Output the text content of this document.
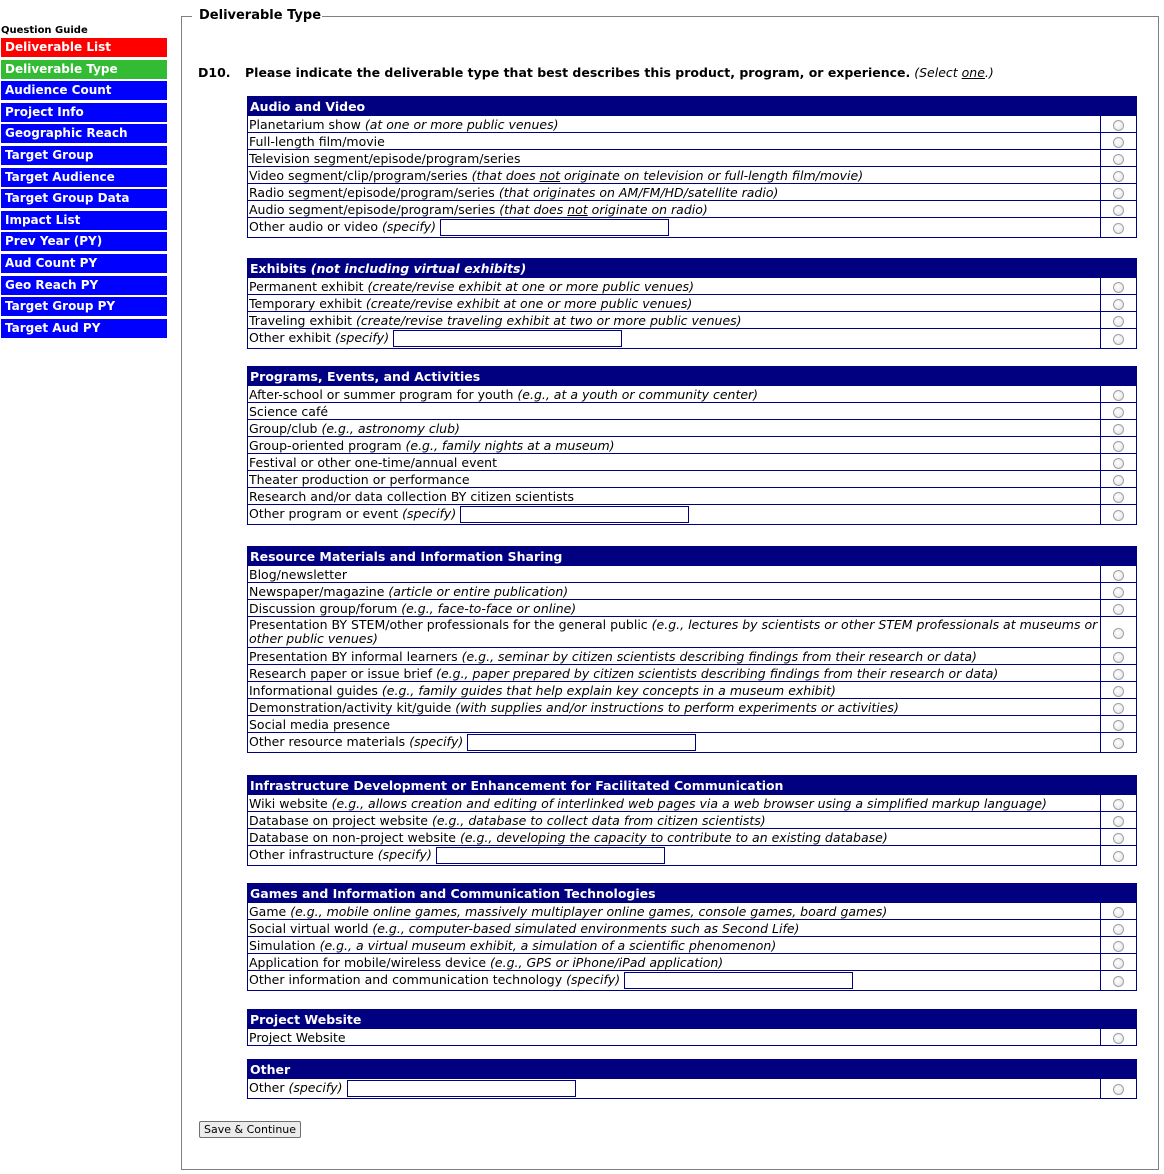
Question Guide
Deliverable List
Deliverable Type
Audience Count
Project Info
Geographic Reach
Target Group
Target Audience
Target Group Data
Impact List
Prev Year (PY)
Aud Count PY
Geo Reach PY
Target Group PY
Target Aud PY
Deliverable Type
D10. Please indicate the deliverable type that best describes this product, program, or experience. (Select one.)
Audio and Video
Planetarium show (at one or more public venues)
Full-length film/movie
Television segment/episode/program/series
Video segment/clip/program/series (that does not originate on television or full-length film/movie)
Radio segment/episode/program/series (that originates on AM/FM/HD/satellite radio)
Audio segment/episode/program/series (that does not originate on radio)
Other audio or video (specify)
Exhibits (not including virtual exhibits)
Permanent exhibit (create/revise exhibit at one or more public venues)
Temporary exhibit (create/revise exhibit at one or more public venues)
Traveling exhibit (create/revise traveling exhibit at two or more public venues)
Other exhibit (specify)
Programs, Events, and Activities
After-school or summer program for youth (e.g., at a youth or community center)
Science café
Group/club (e.g., astronomy club)
Group-oriented program (e.g., family nights at a museum)
Festival or other one-time/annual event
Theater production or performance
Research and/or data collection BY citizen scientists
Other program or event (specify)
Resource Materials and Information Sharing
Blog/newsletter
Newspaper/magazine (article or entire publication)
Discussion group/forum (e.g., face-to-face or online)
Presentation BY STEM/other professionals for the general public (e.g., lectures by scientists or other STEM professionals at museums or other public venues)
Presentation BY informal learners (e.g., seminar by citizen scientists describing findings from their research or data)
Research paper or issue brief (e.g., paper prepared by citizen scientists describing findings from their research or data)
Informational guides (e.g., family guides that help explain key concepts in a museum exhibit)
Demonstration/activity kit/guide (with supplies and/or instructions to perform experiments or activities)
Social media presence
Other resource materials (specify)
Infrastructure Development or Enhancement for Facilitated Communication
Wiki website (e.g., allows creation and editing of interlinked web pages via a web browser using a simplified markup language)
Database on project website (e.g., database to collect data from citizen scientists)
Database on non-project website (e.g., developing the capacity to contribute to an existing database)
Other infrastructure (specify)
Games and Information and Communication Technologies
Game (e.g., mobile online games, massively multiplayer online games, console games, board games)
Social virtual world (e.g., computer-based simulated environments such as Second Life)
Simulation (e.g., a virtual museum exhibit, a simulation of a scientific phenomenon)
Application for mobile/wireless device (e.g., GPS or iPhone/iPad application)
Other information and communication technology (specify)
Project Website
Project Website
Other
Other (specify)
Save & Continue
